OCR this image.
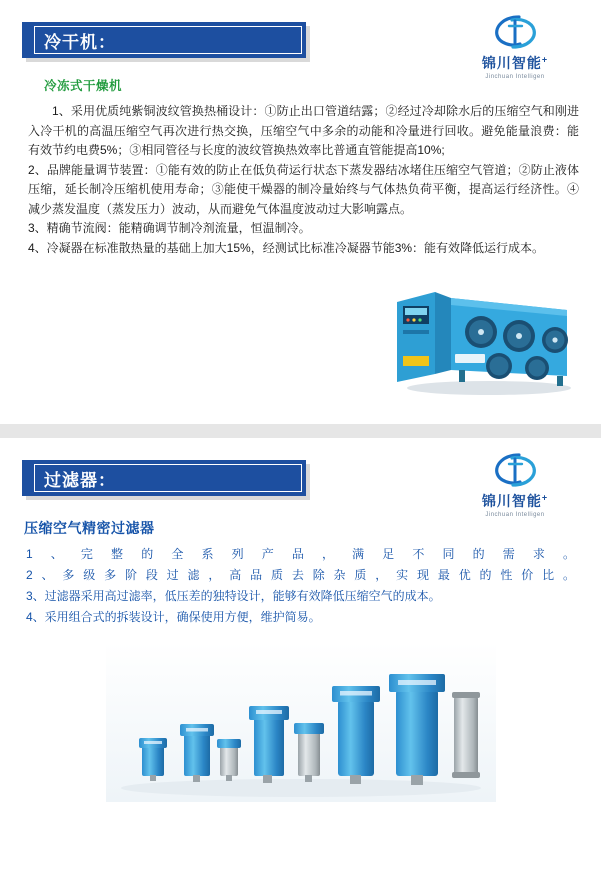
冷干机：
锦川智能+
Jinchuan Intelligen
冷冻式干燥机

1、采用优质纯紫铜波纹管换热桶设计：①防止出口管道结露；②经过冷却除水后的压缩空气和刚进入冷干机的高温压缩空气再次进行热交换，压缩空气中多余的动能和冷量进行回收。避免能量浪费：能有效节约电费5%；③相同管径与长度的波纹管换热效率比普通直管能提高10%;

2、品牌能量调节装置：①能有效的防止在低负荷运行状态下蒸发器结冰堵住压缩空气管道；②防止液体压缩，延长制冷压缩机使用寿命；③能使干燥器的制冷量始终与气体热负荷平衡，提高运行经济性。④减少蒸发温度（蒸发压力）波动，从而避免气体温度波动过大影响露点。

3、精确节流阀：能精确调节制冷剂流量，恒温制冷。

4、冷凝器在标准散热量的基础上加大15%，经测试比标准冷凝器节能3%：能有效降低运行成本。

过滤器：
锦川智能+
Jinchuan Intelligen
压缩空气精密过滤器

1、完整的全系列产品，满足不同的需求。

2、多级多阶段过滤，高品质去除杂质，实现最优的性价比。

3、过滤器采用高过滤率，低压差的独特设计，能够有效降低压缩空气的成本。

4、采用组合式的拆装设计，确保使用方便，维护简易。
